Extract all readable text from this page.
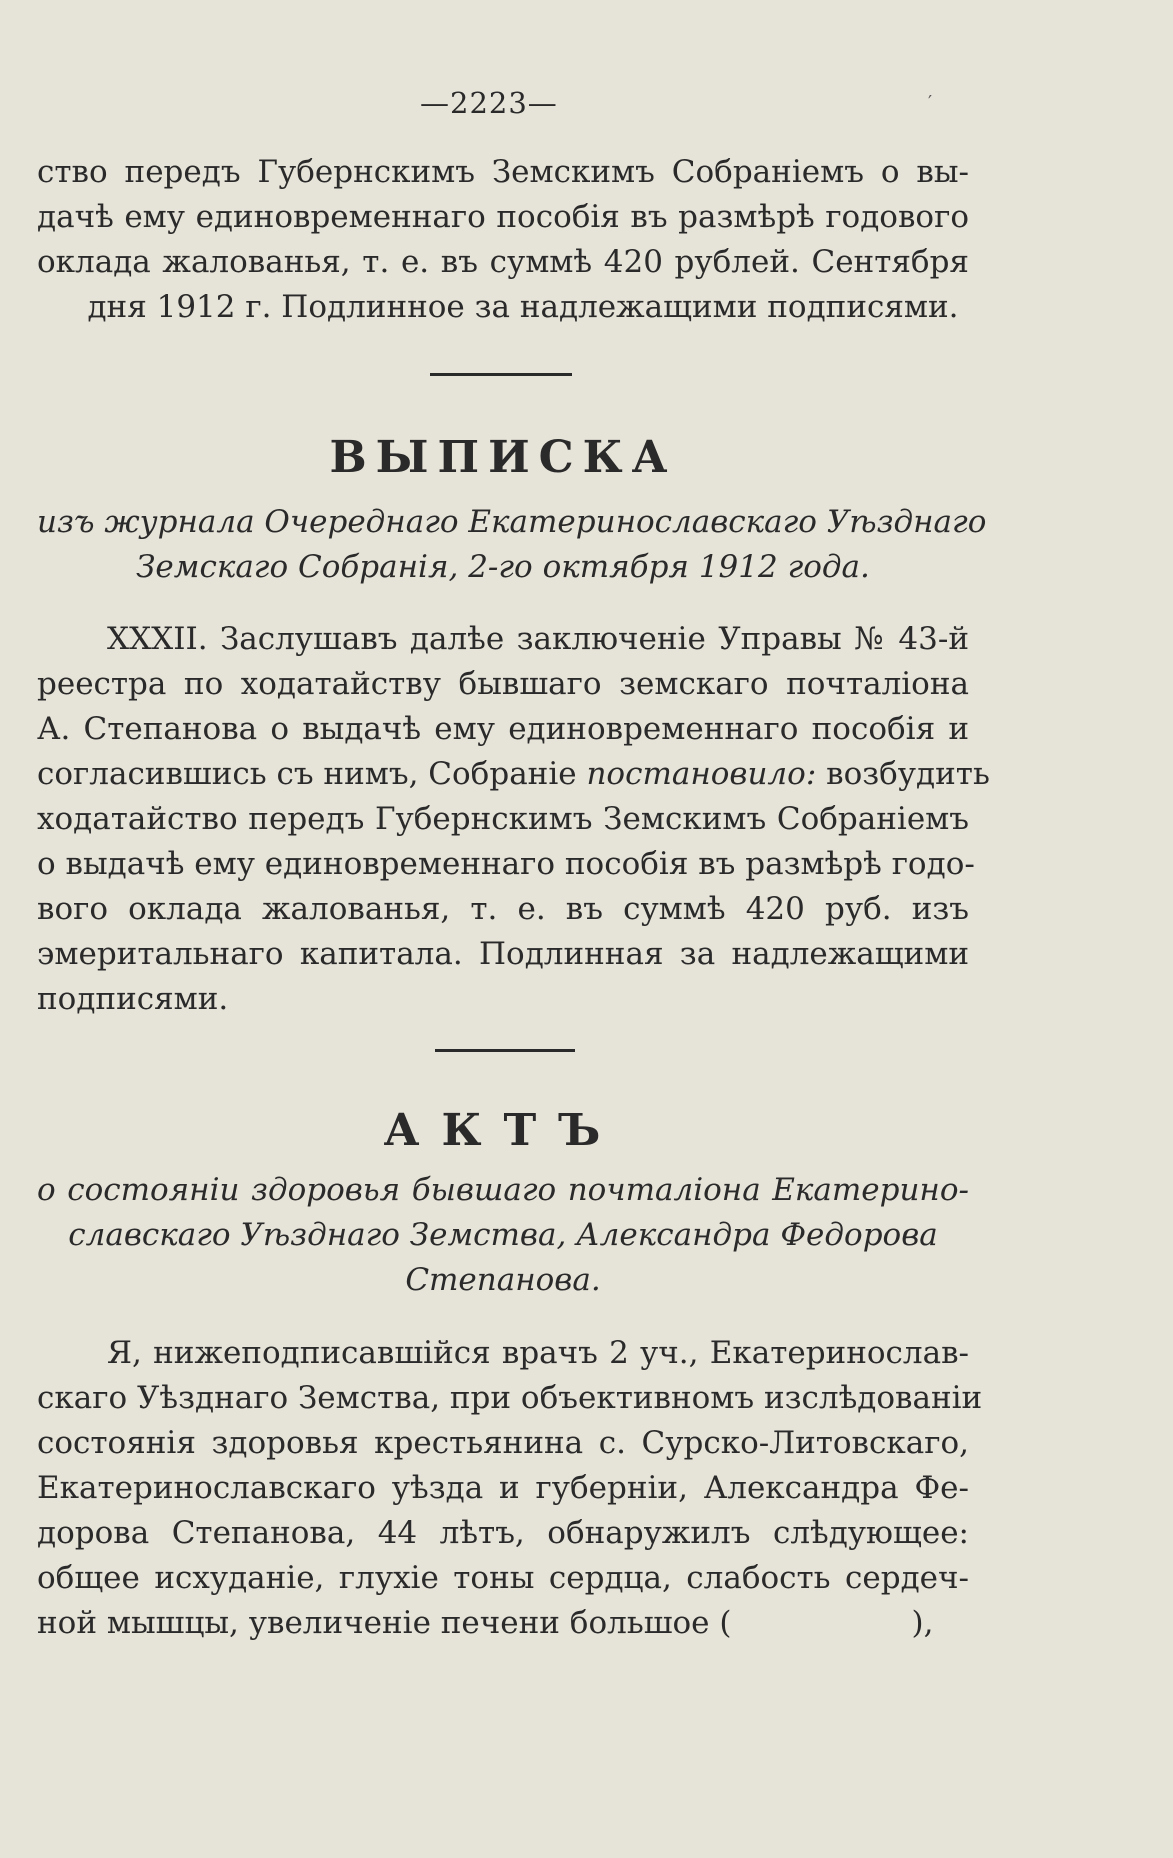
—2223—	′
ство передъ Губернскимъ Земскимъ Собраніемъ о вы-
дачѣ ему единовременнаго пособія въ размѣрѣ годового
оклада жалованья, т. е. въ суммѣ 420 рублей. Сентября
дня 1912 г. Подлинное за надлежащими подписями.
ВЫПИСКА
изъ журнала Очереднаго Екатеринославскаго Уѣзднаго
Земскаго Собранія, 2-го октября 1912 года.
XXXII. Заслушавъ далѣе заключеніе Управы № 43-й
реестра по ходатайству бывшаго земскаго почталіона
А. Степанова о выдачѣ ему единовременнаго пособія и
согласившись съ нимъ, Собраніе постановило: возбудить
ходатайство передъ Губернскимъ Земскимъ Собраніемъ
о выдачѣ ему единовременнаго пособія въ размѣрѣ годо-
вого оклада жалованья, т. е. въ суммѣ 420 руб. изъ
эмеритальнаго капитала. Подлинная за надлежащими
подписями.
АКТЪ
о состояніи здоровья бывшаго почталіона Екатерино-
славскаго Уѣзднаго Земства, Александра Федорова
Степанова.
Я, нижеподписавшійся врачъ 2 уч., Екатеринослав-
скаго Уѣзднаго Земства, при объективномъ изслѣдованіи
состоянія здоровья крестьянина с. Сурско-Литовскаго,
Екатеринославскаго уѣзда и губерніи, Александра Фе-
дорова Степанова, 44 лѣтъ, обнаружилъ слѣдующее:
общее исхуданіе, глухіе тоны сердца, слабость сердеч-
ной мышцы, увеличеніе печени большое (	),
